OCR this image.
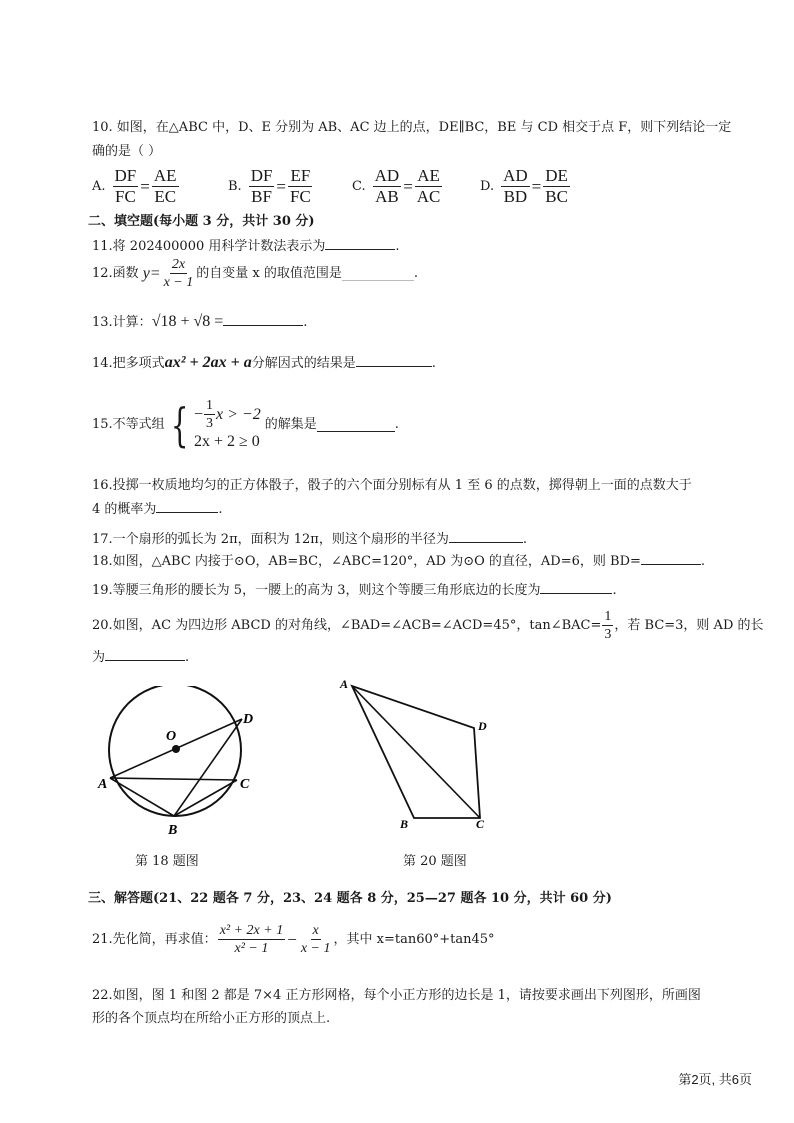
10. 如图，在△ABC 中，D、E 分别为 AB、AC 边上的点，DE∥BC，BE 与 CD 相交于点 F，则下列结论一定
确的是（ ）
A. $\frac{DF}{FC} = \frac{AE}{EC}$	B. $\frac{DF}{BF} = \frac{EF}{FC}$	C. $\frac{AD}{AB} = \frac{AE}{AC}$	D. $\frac{AD}{BD} = \frac{DE}{BC}$
二、填空题(每小题 3 分，共计 30 分)
11.将 202400000 用科学计数法表示为	.
12.函数 $y= \frac{2x}{x - 1}$ 的自变量 x 的取值范围是	.
13.计算：√18 + √8 =	.
14.把多项式ax² + 2ax + a分解因式的结果是	.
15.不等式组 { − $\frac{1}{3}$ x > −2
2x + 2 ≥ 0
的解集是	.
16.投掷一枚质地均匀的正方体骰子，骰子的六个面分别标有从 1 至 6 的点数，掷得朝上一面的点数大于
4 的概率为	.
17.一个扇形的弧长为 2π，面积为 12π，则这个扇形的半径为	.
18.如图，△ABC 内接于⊙O，AB=BC，∠ABC=120°，AD 为⊙O 的直径，AD=6，则 BD=	.
19.等腰三角形的腰长为 5，一腰上的高为 3，则这个等腰三角形底边的长度为	.
20.如图，AC 为四边形 ABCD 的对角线，∠BAD=∠ACB=∠ACD=45°，tan∠BAC= $\frac{1}{3}$ ，若 BC=3，则 AD 的长
为	.
O
D
A	C
B
第 18 题图
A
D
B	C
第 20 题图
三、解答题(21、22 题各 7 分，23、24 题各 8 分，25—27 题各 10 分，共计 60 分)
21.先化简，再求值： $\frac{\text{x² + 2x + 1}}{\text{x² − 1}} - \frac{x}{x - 1}$ ，其中 x=tan60°+tan45°
22.如图，图 1 和图 2 都是 7×4 正方形网格，每个小正方形的边长是 1，请按要求画出下列图形，所画图
形的各个顶点均在所给小正方形的顶点上.
第2页, 共6页
